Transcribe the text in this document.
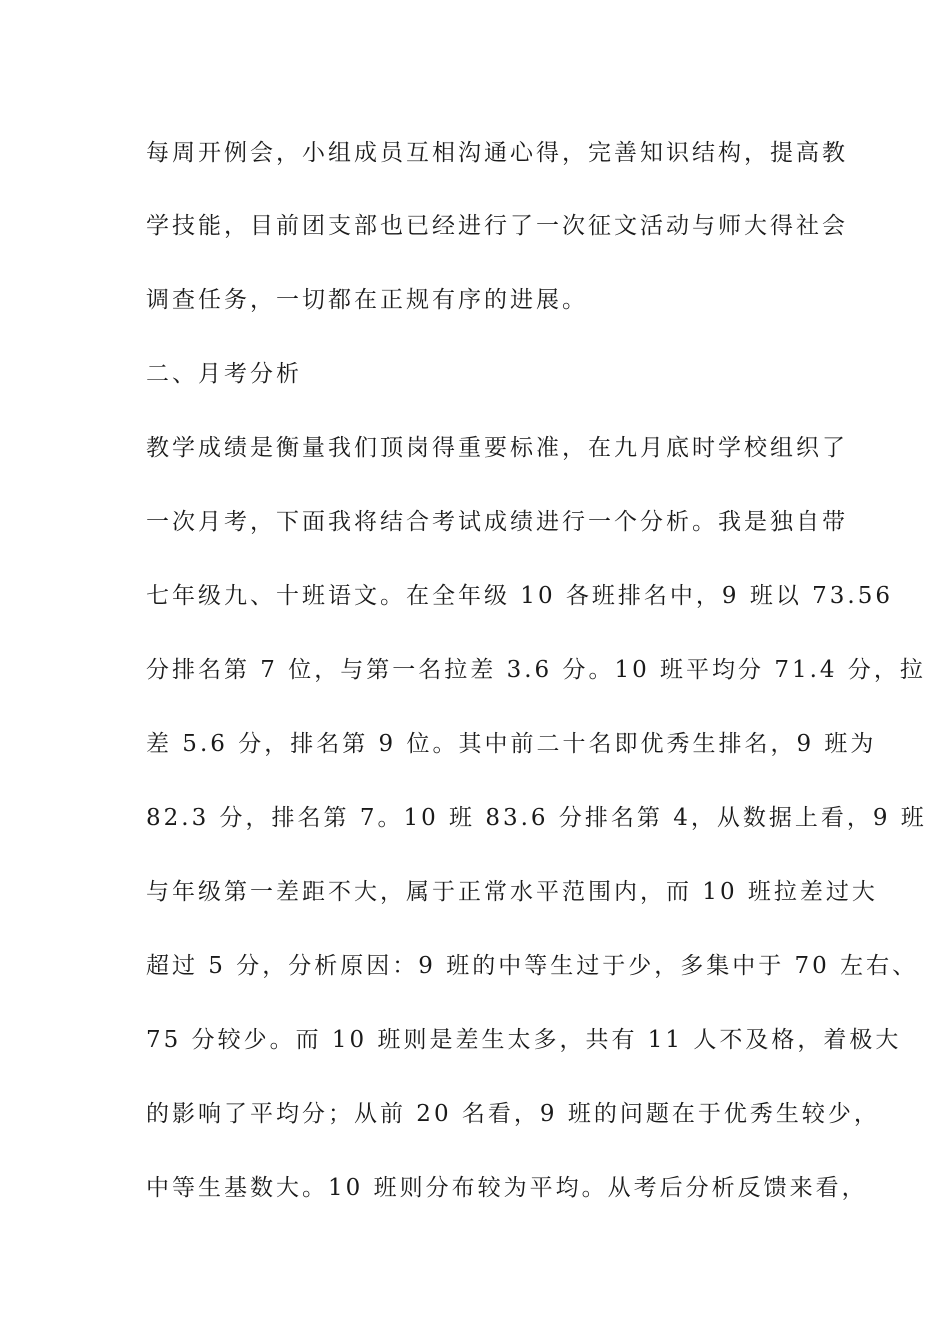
每周开例会，小组成员互相沟通心得，完善知识结构，提高教
学技能，目前团支部也已经进行了一次征文活动与师大得社会
调查任务，一切都在正规有序的进展。
二、月考分析
教学成绩是衡量我们顶岗得重要标准，在九月底时学校组织了
一次月考，下面我将结合考试成绩进行一个分析。我是独自带
七年级九、十班语文。在全年级 10 各班排名中，9 班以 73.56
分排名第 7 位，与第一名拉差 3.6 分。10 班平均分 71.4 分，拉
差 5.6 分，排名第 9 位。其中前二十名即优秀生排名，9 班为
82.3 分，排名第 7。10 班 83.6 分排名第 4，从数据上看，9 班
与年级第一差距不大，属于正常水平范围内，而 10 班拉差过大
超过 5 分，分析原因：9 班的中等生过于少，多集中于 70 左右、
75 分较少。而 10 班则是差生太多，共有 11 人不及格，着极大
的影响了平均分；从前 20 名看，9 班的问题在于优秀生较少，
中等生基数大。10 班则分布较为平均。从考后分析反馈来看，
